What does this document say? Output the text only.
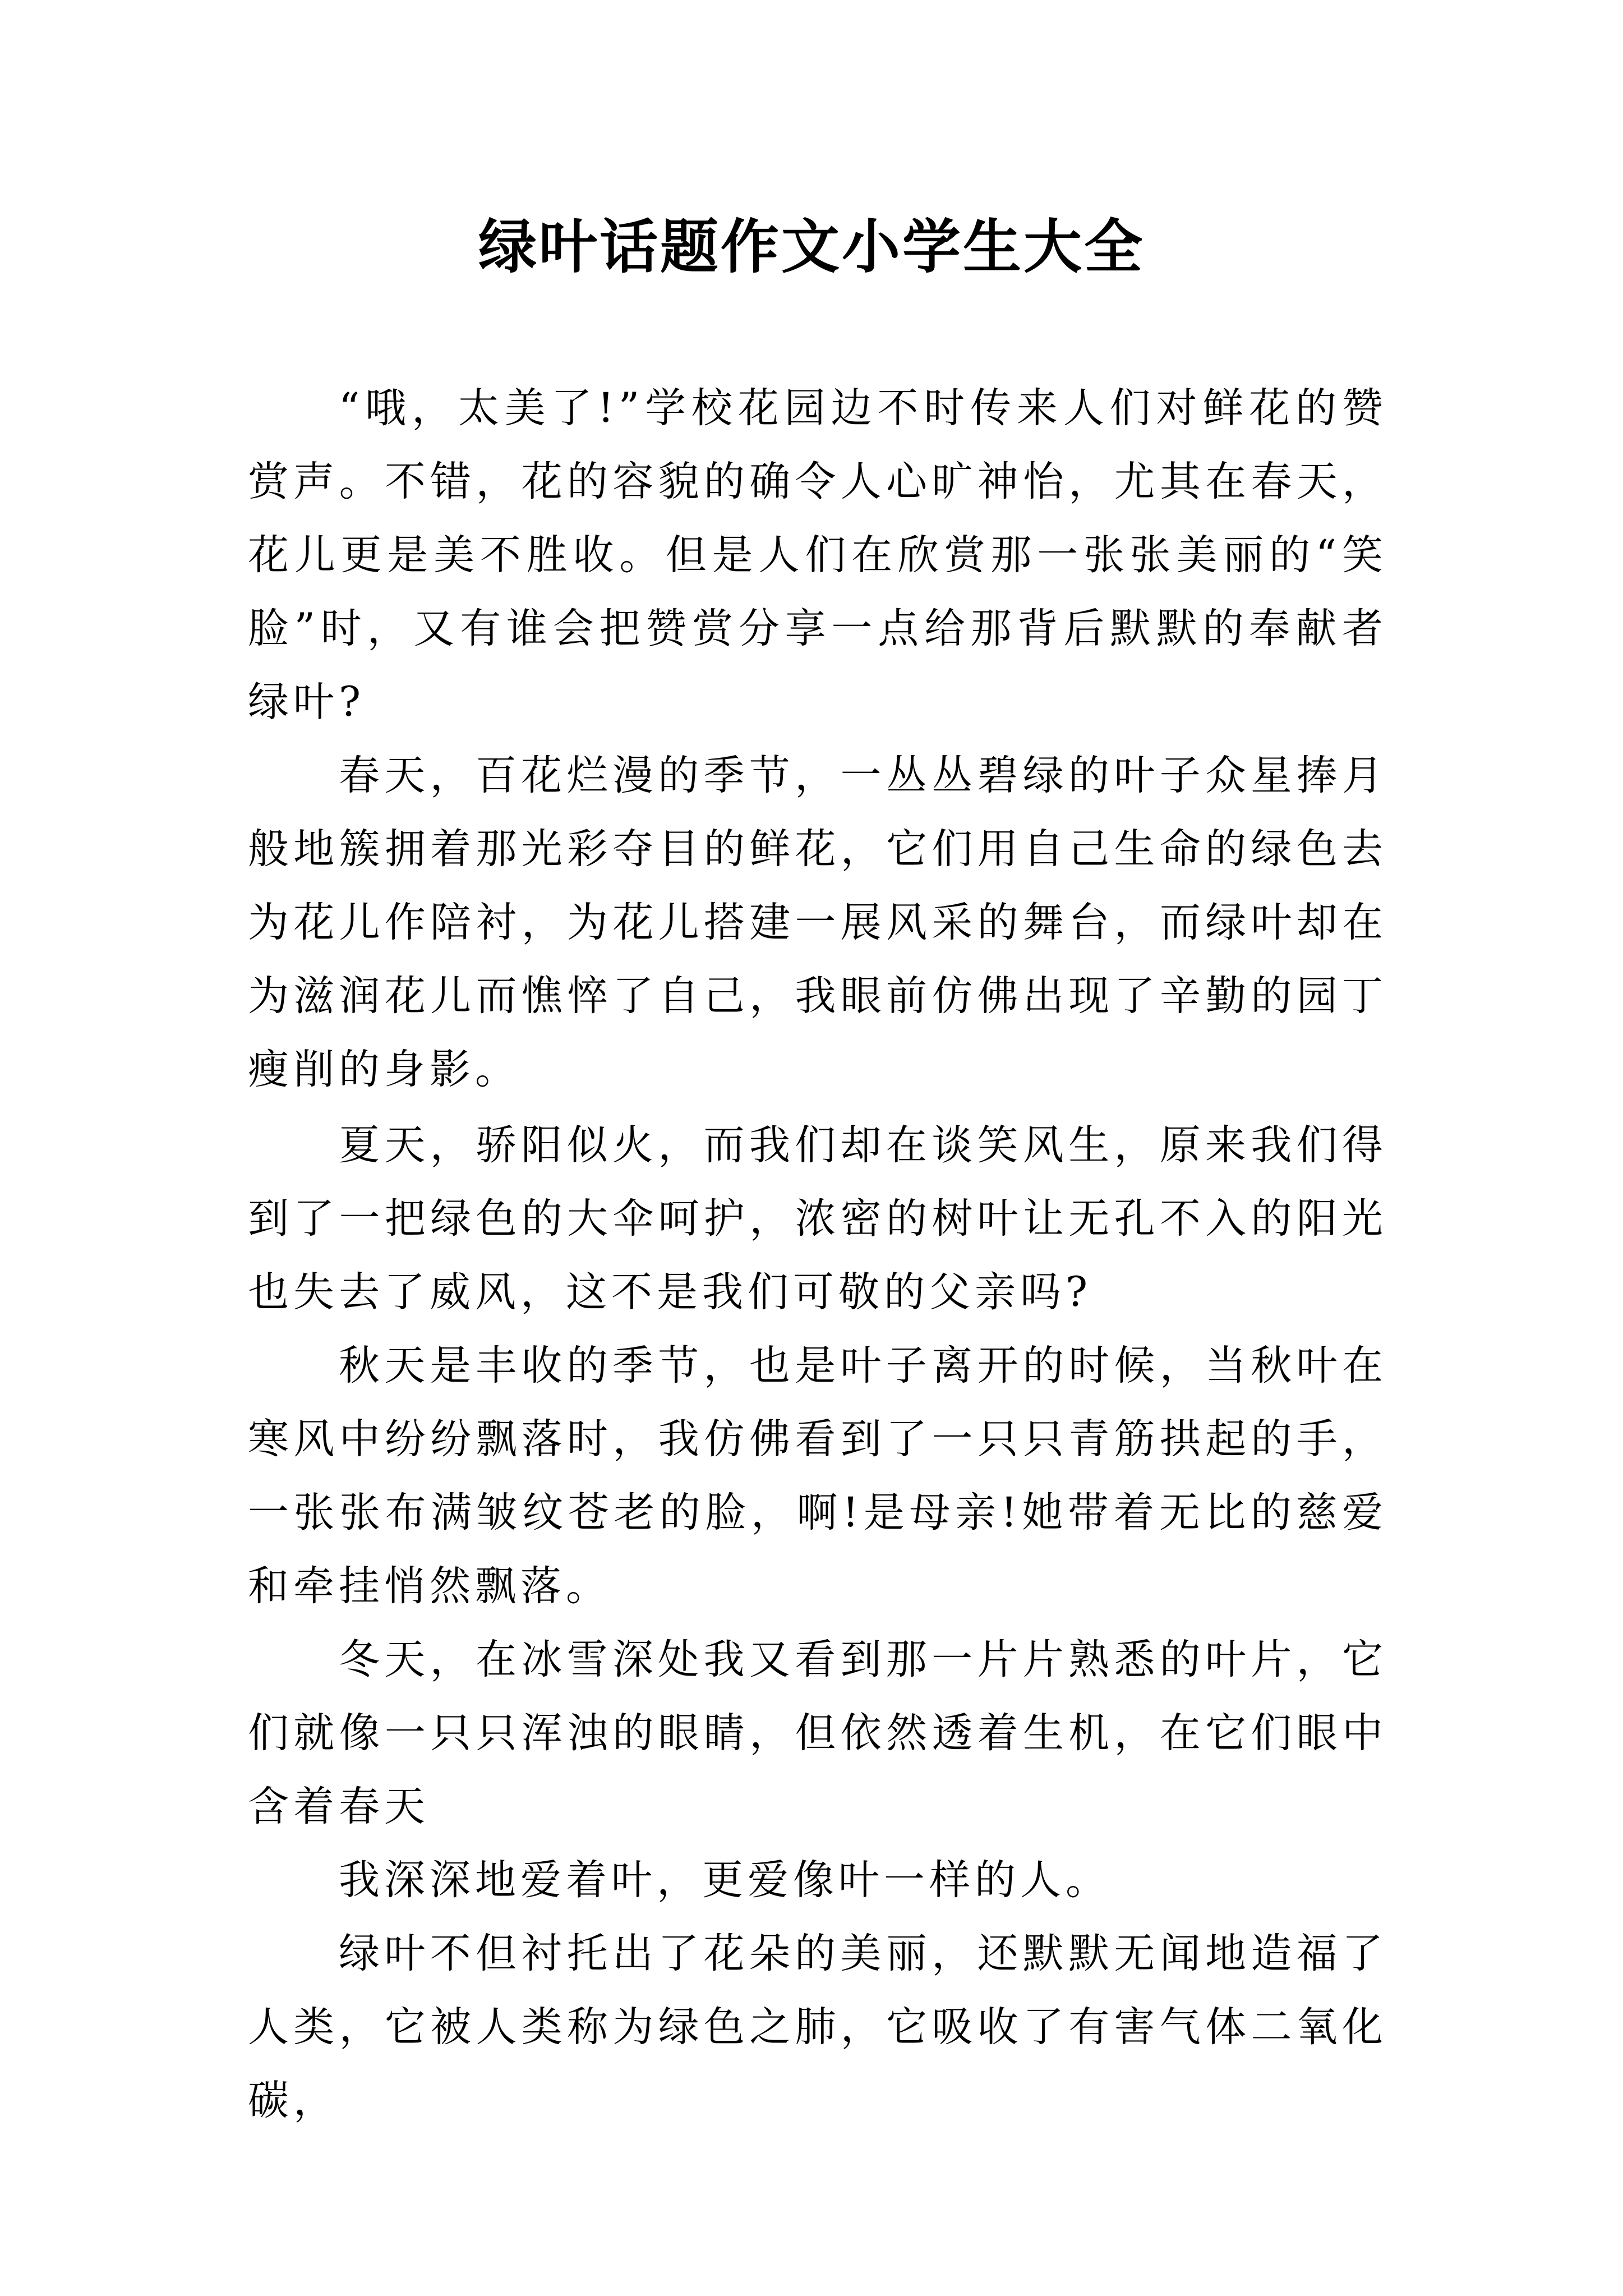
绿叶话题作文小学生大全

“哦，太美了!”学校花园边不时传来人们对鲜花的赞赏声。不错，花的容貌的确令人心旷神怡，尤其在春天，花儿更是美不胜收。但是人们在欣赏那一张张美丽的“笑脸”时，又有谁会把赞赏分享一点给那背后默默的奉献者绿叶?

春天，百花烂漫的季节，一丛丛碧绿的叶子众星捧月般地簇拥着那光彩夺目的鲜花，它们用自己生命的绿色去为花儿作陪衬，为花儿搭建一展风采的舞台，而绿叶却在为滋润花儿而憔悴了自己，我眼前仿佛出现了辛勤的园丁瘦削的身影。

夏天，骄阳似火，而我们却在谈笑风生，原来我们得到了一把绿色的大伞呵护，浓密的树叶让无孔不入的阳光也失去了威风，这不是我们可敬的父亲吗?

秋天是丰收的季节，也是叶子离开的时候，当秋叶在寒风中纷纷飘落时，我仿佛看到了一只只青筋拱起的手，一张张布满皱纹苍老的脸，啊!是母亲!她带着无比的慈爱和牵挂悄然飘落。

冬天，在冰雪深处我又看到那一片片熟悉的叶片，它们就像一只只浑浊的眼睛，但依然透着生机，在它们眼中含着春天

我深深地爱着叶，更爱像叶一样的人。

绿叶不但衬托出了花朵的美丽，还默默无闻地造福了人类，它被人类称为绿色之肺，它吸收了有害气体二氧化碳，
